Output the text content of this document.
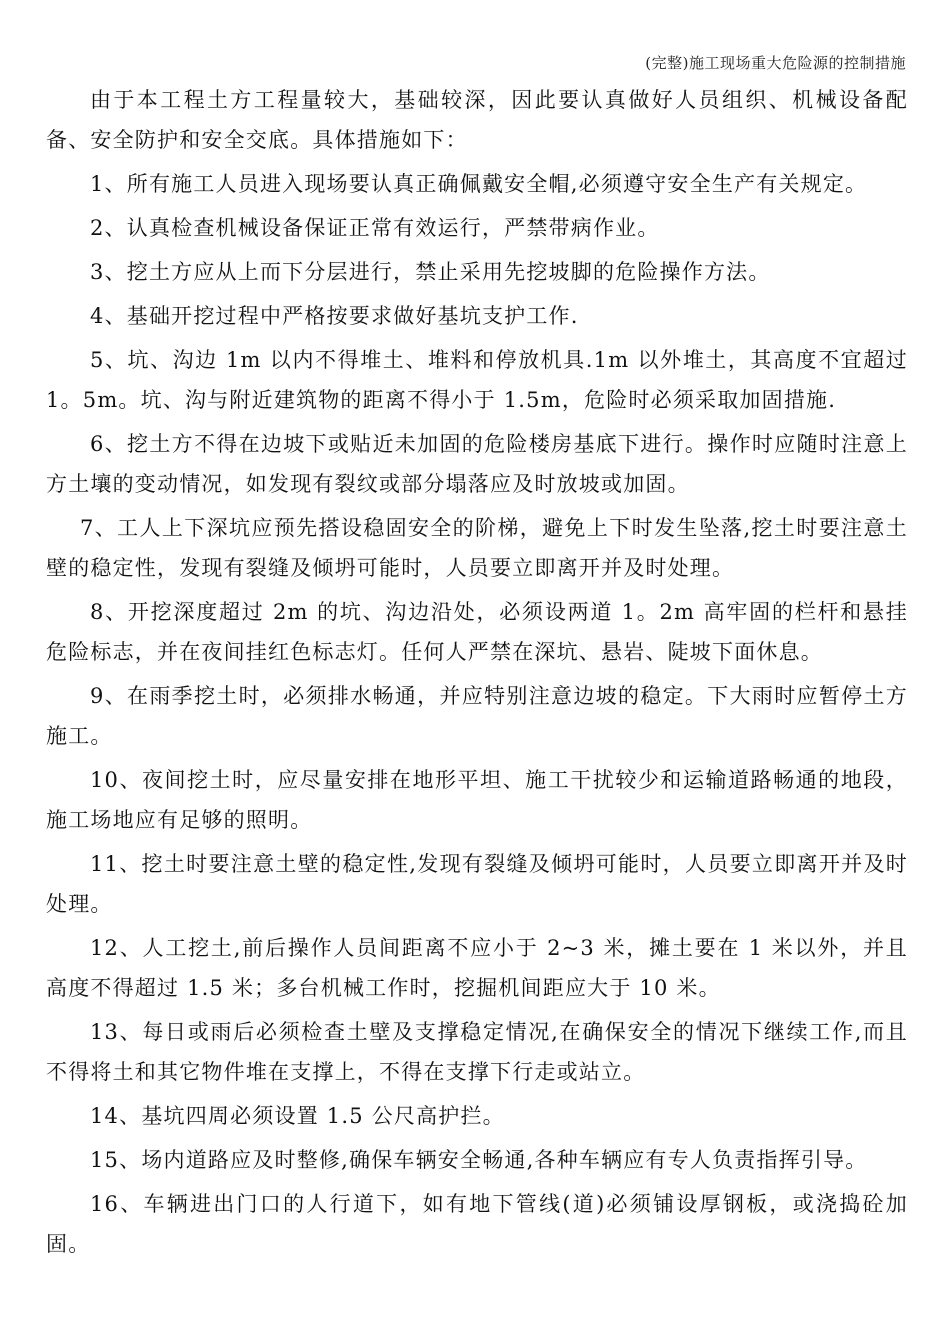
(完整)施工现场重大危险源的控制措施

由于本工程土方工程量较大，基础较深，因此要认真做好人员组织、机械设备配备、安全防护和安全交底。具体措施如下：

1、所有施工人员进入现场要认真正确佩戴安全帽,必须遵守安全生产有关规定。

2、认真检查机械设备保证正常有效运行，严禁带病作业。

3、挖土方应从上而下分层进行，禁止采用先挖坡脚的危险操作方法。

4、基础开挖过程中严格按要求做好基坑支护工作.

5、坑、沟边 1m 以内不得堆土、堆料和停放机具.1m 以外堆土，其高度不宜超过 1。5m。坑、沟与附近建筑物的距离不得小于 1.5m，危险时必须采取加固措施.

6、挖土方不得在边坡下或贴近未加固的危险楼房基底下进行。操作时应随时注意上方土壤的变动情况，如发现有裂纹或部分塌落应及时放坡或加固。

7、工人上下深坑应预先搭设稳固安全的阶梯，避免上下时发生坠落,挖土时要注意土壁的稳定性，发现有裂缝及倾坍可能时，人员要立即离开并及时处理。

8、开挖深度超过 2m 的坑、沟边沿处，必须设两道 1。2m 高牢固的栏杆和悬挂危险标志，并在夜间挂红色标志灯。任何人严禁在深坑、悬岩、陡坡下面休息。

9、在雨季挖土时，必须排水畅通，并应特别注意边坡的稳定。下大雨时应暂停土方施工。

10、夜间挖土时，应尽量安排在地形平坦、施工干扰较少和运输道路畅通的地段，施工场地应有足够的照明。

11、挖土时要注意土壁的稳定性,发现有裂缝及倾坍可能时，人员要立即离开并及时处理。

12、人工挖土,前后操作人员间距离不应小于 2~3 米，摊土要在 1 米以外，并且高度不得超过 1.5 米；多台机械工作时，挖掘机间距应大于 10 米。

13、每日或雨后必须检查土壁及支撑稳定情况,在确保安全的情况下继续工作,而且不得将土和其它物件堆在支撑上，不得在支撑下行走或站立。

14、基坑四周必须设置 1.5 公尺高护拦。

15、场内道路应及时整修,确保车辆安全畅通,各种车辆应有专人负责指挥引导。

16、车辆进出门口的人行道下，如有地下管线(道)必须铺设厚钢板，或浇捣砼加固。
